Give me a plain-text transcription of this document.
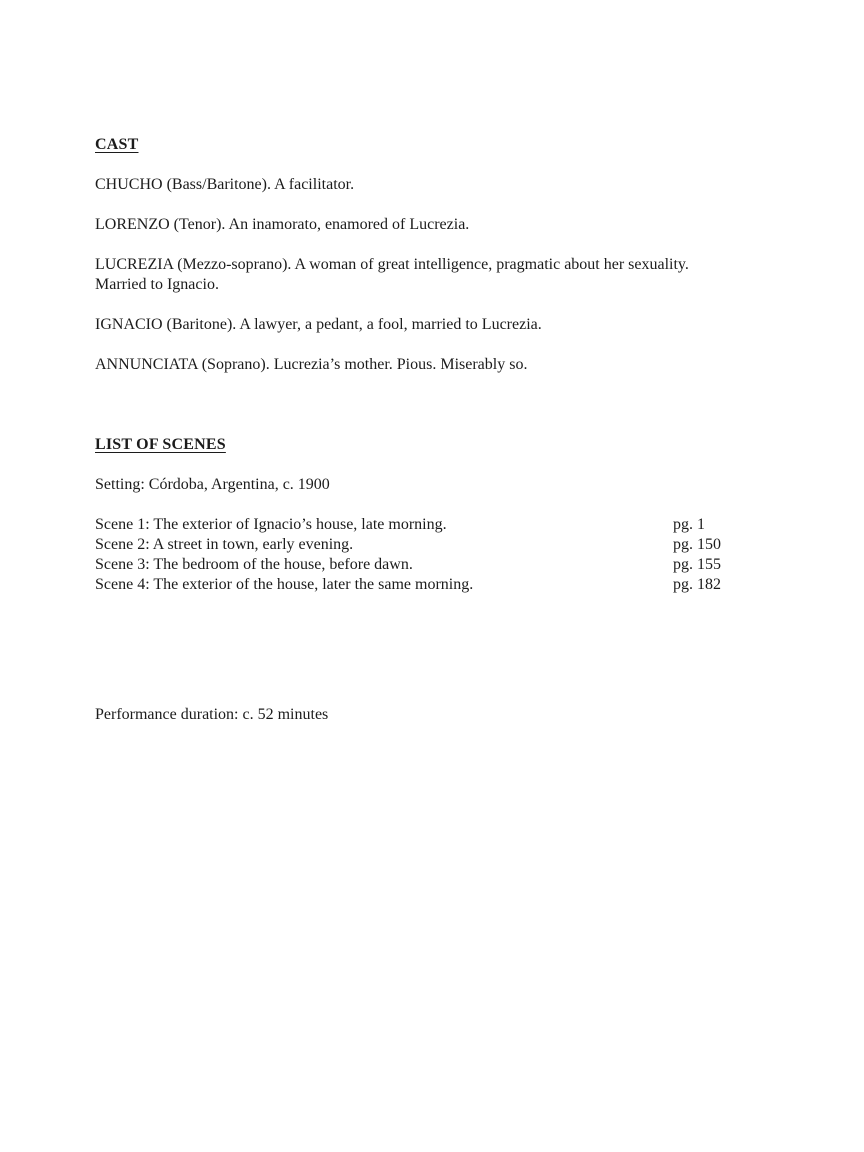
CAST
CHUCHO (Bass/Baritone). A facilitator.
LORENZO (Tenor). An inamorato, enamored of Lucrezia.
LUCREZIA (Mezzo-soprano). A woman of great intelligence, pragmatic about her sexuality.
Married to Ignacio.
IGNACIO (Baritone). A lawyer, a pedant, a fool, married to Lucrezia.
ANNUNCIATA (Soprano). Lucrezia’s mother. Pious. Miserably so.
LIST OF SCENES
Setting: Córdoba, Argentina, c. 1900
Scene 1: The exterior of Ignacio’s house, late morning.	pg. 1
Scene 2: A street in town, early evening.	pg. 150
Scene 3: The bedroom of the house, before dawn.	pg. 155
Scene 4: The exterior of the house, later the same morning.	pg. 182
Performance duration: c. 52 minutes
